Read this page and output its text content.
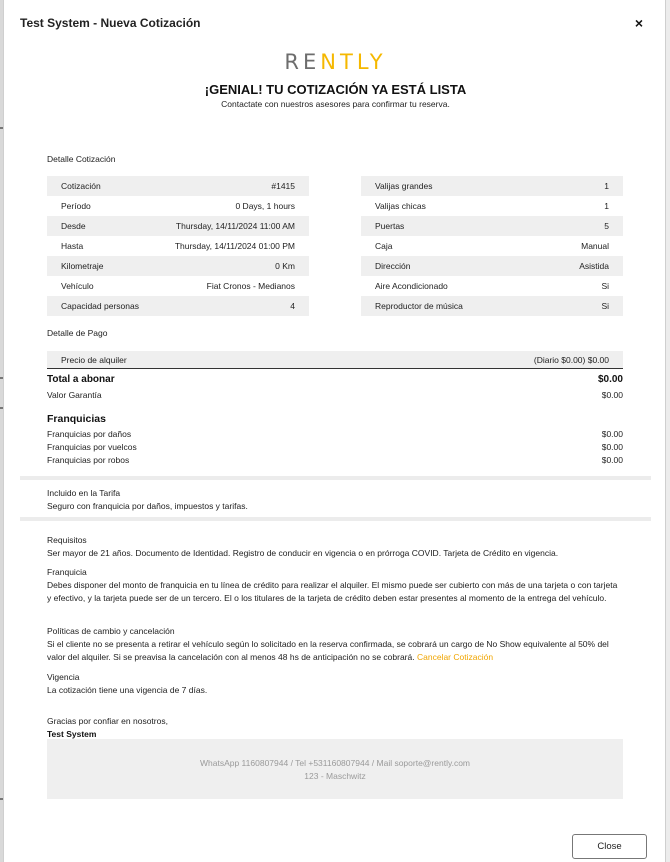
Test System - Nueva Cotización	×
RENTLY
¡GENIAL! TU COTIZACIÓN YA ESTÁ LISTA
Contactate con nuestros asesores para confirmar tu reserva.
Detalle Cotización
Cotización	#1415
Período	0 Days, 1 hours
Desde	Thursday, 14/11/2024 11:00 AM
Hasta	Thursday, 14/11/2024 01:00 PM
Kilometraje	0 Km
Vehículo	Fiat Cronos - Medianos
Capacidad personas	4
Valijas grandes	1
Valijas chicas	1
Puertas	5
Caja	Manual
Dirección	Asistida
Aire Acondicionado	Si
Reproductor de música	Si
Detalle de Pago
Precio de alquiler	(Diario $0.00) $0.00
Total a abonar	$0.00
Valor Garantía	$0.00
Franquicias
Franquicias por daños	$0.00
Franquicias por vuelcos	$0.00
Franquicias por robos	$0.00
Incluido en la Tarifa
Seguro con franquicia por daños, impuestos y tarifas.
Requisitos
Ser mayor de 21 años. Documento de Identidad. Registro de conducir en vigencia o en prórroga COVID. Tarjeta de Crédito en vigencia.
Franquicia
Debes disponer del monto de franquicia en tu línea de crédito para realizar el alquiler. El mismo puede ser cubierto con más de una tarjeta o con tarjeta y efectivo, y la tarjeta puede ser de un tercero. El o los titulares de la tarjeta de crédito deben estar presentes al momento de la entrega del vehículo.
Políticas de cambio y cancelación
Si el cliente no se presenta a retirar el vehículo según lo solicitado en la reserva confirmada, se cobrará un cargo de No Show equivalente al 50% del valor del alquiler. Si se preavisa la cancelación con al menos 48 hs de anticipación no se cobrará. Cancelar Cotización
Vigencia
La cotización tiene una vigencia de 7 días.
Gracias por confiar en nosotros,
Test System
WhatsApp 1160807944 / Tel +531160807944 / Mail soporte@rently.com
123 - Maschwitz
Close
